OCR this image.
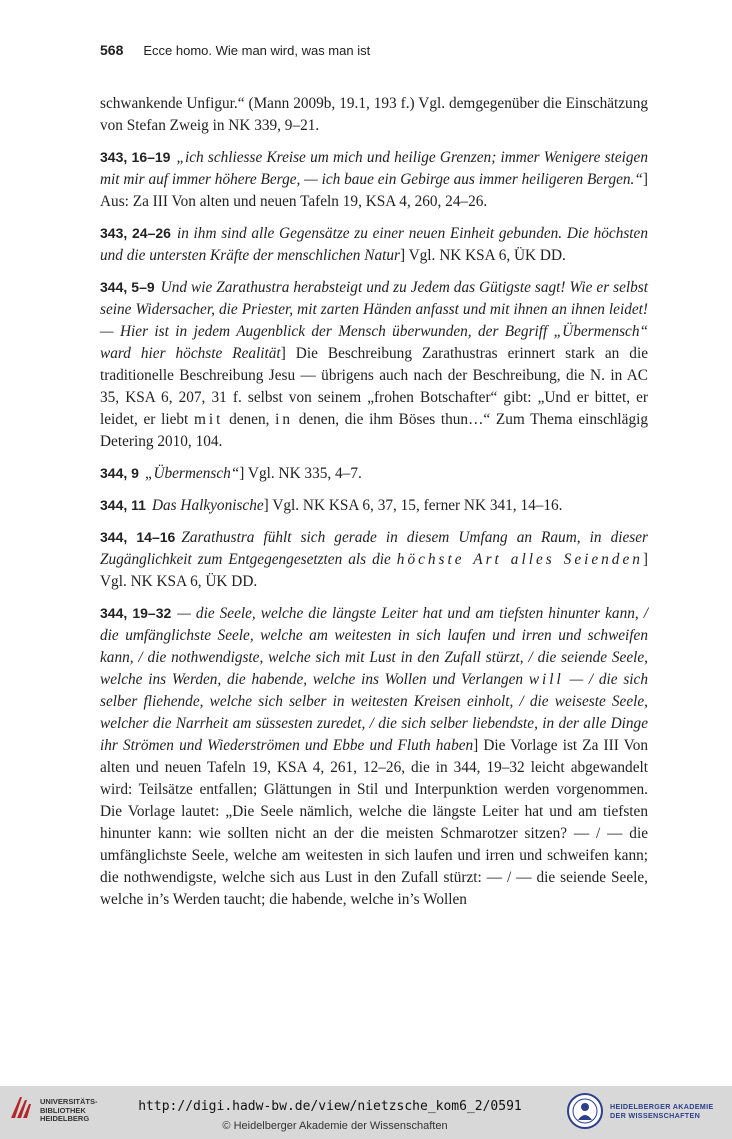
568 Ecce homo. Wie man wird, was man ist

schwankende Unfigur.“ (Mann 2009b, 19.1, 193 f.) Vgl. demgegenüber die Einschätzung von Stefan Zweig in NK 339, 9–21.

343, 16–19 „ich schliesse Kreise um mich und heilige Grenzen; immer Wenigere steigen mit mir auf immer höhere Berge, — ich baue ein Gebirge aus immer heiligeren Bergen.“] Aus: Za III Von alten und neuen Tafeln 19, KSA 4, 260, 24–26.

343, 24–26 in ihm sind alle Gegensätze zu einer neuen Einheit gebunden. Die höchsten und die untersten Kräfte der menschlichen Natur] Vgl. NK KSA 6, ÜK DD.

344, 5–9 Und wie Zarathustra herabsteigt und zu Jedem das Gütigste sagt! Wie er selbst seine Widersacher, die Priester, mit zarten Händen anfasst und mit ihnen an ihnen leidet! — Hier ist in jedem Augenblick der Mensch überwunden, der Begriff „Übermensch“ ward hier höchste Realität] Die Beschreibung Zarathustras erinnert stark an die traditionelle Beschreibung Jesu — übrigens auch nach der Beschreibung, die N. in AC 35, KSA 6, 207, 31 f. selbst von seinem „frohen Botschafter“ gibt: „Und er bittet, er leidet, er liebt mit denen, in denen, die ihm Böses thun…“ Zum Thema einschlägig Detering 2010, 104.

344, 9 „Übermensch“] Vgl. NK 335, 4–7.

344, 11 Das Halkyonische] Vgl. NK KSA 6, 37, 15, ferner NK 341, 14–16.

344, 14–16 Zarathustra fühlt sich gerade in diesem Umfang an Raum, in dieser Zugänglichkeit zum Entgegengesetzten als die höchste Art alles Seienden] Vgl. NK KSA 6, ÜK DD.

344, 19–32 — die Seele, welche die längste Leiter hat und am tiefsten hinunter kann, / die umfänglichste Seele, welche am weitesten in sich laufen und irren und schweifen kann, / die nothwendigste, welche sich mit Lust in den Zufall stürzt, / die seiende Seele, welche ins Werden, die habende, welche ins Wollen und Verlangen will — / die sich selber fliehende, welche sich selber in weitesten Kreisen einholt, / die weiseste Seele, welcher die Narrheit am süssesten zuredet, / die sich selber liebendste, in der alle Dinge ihr Strömen und Wiederströmen und Ebbe und Fluth haben] Die Vorlage ist Za III Von alten und neuen Tafeln 19, KSA 4, 261, 12–26, die in 344, 19–32 leicht abgewandelt wird: Teilsätze entfallen; Glättungen in Stil und Interpunktion werden vorgenommen. Die Vorlage lautet: „Die Seele nämlich, welche die längste Leiter hat und am tiefsten hinunter kann: wie sollten nicht an der die meisten Schmarotzer sitzen? — / — die umfänglichste Seele, welche am weitesten in sich laufen und irren und schweifen kann; die nothwendigste, welche sich aus Lust in den Zufall stürzt: — / — die seiende Seele, welche in’s Werden taucht; die habende, welche in’s Wollen

UNIVERSITÄTS-
BIBLIOTHEK
HEIDELBERG
http://digi.hadw-bw.de/view/nietzsche_kom6_2/0591
© Heidelberger Akademie der Wissenschaften
HEIDELBERGER AKADEMIE
DER WISSENSCHAFTEN
